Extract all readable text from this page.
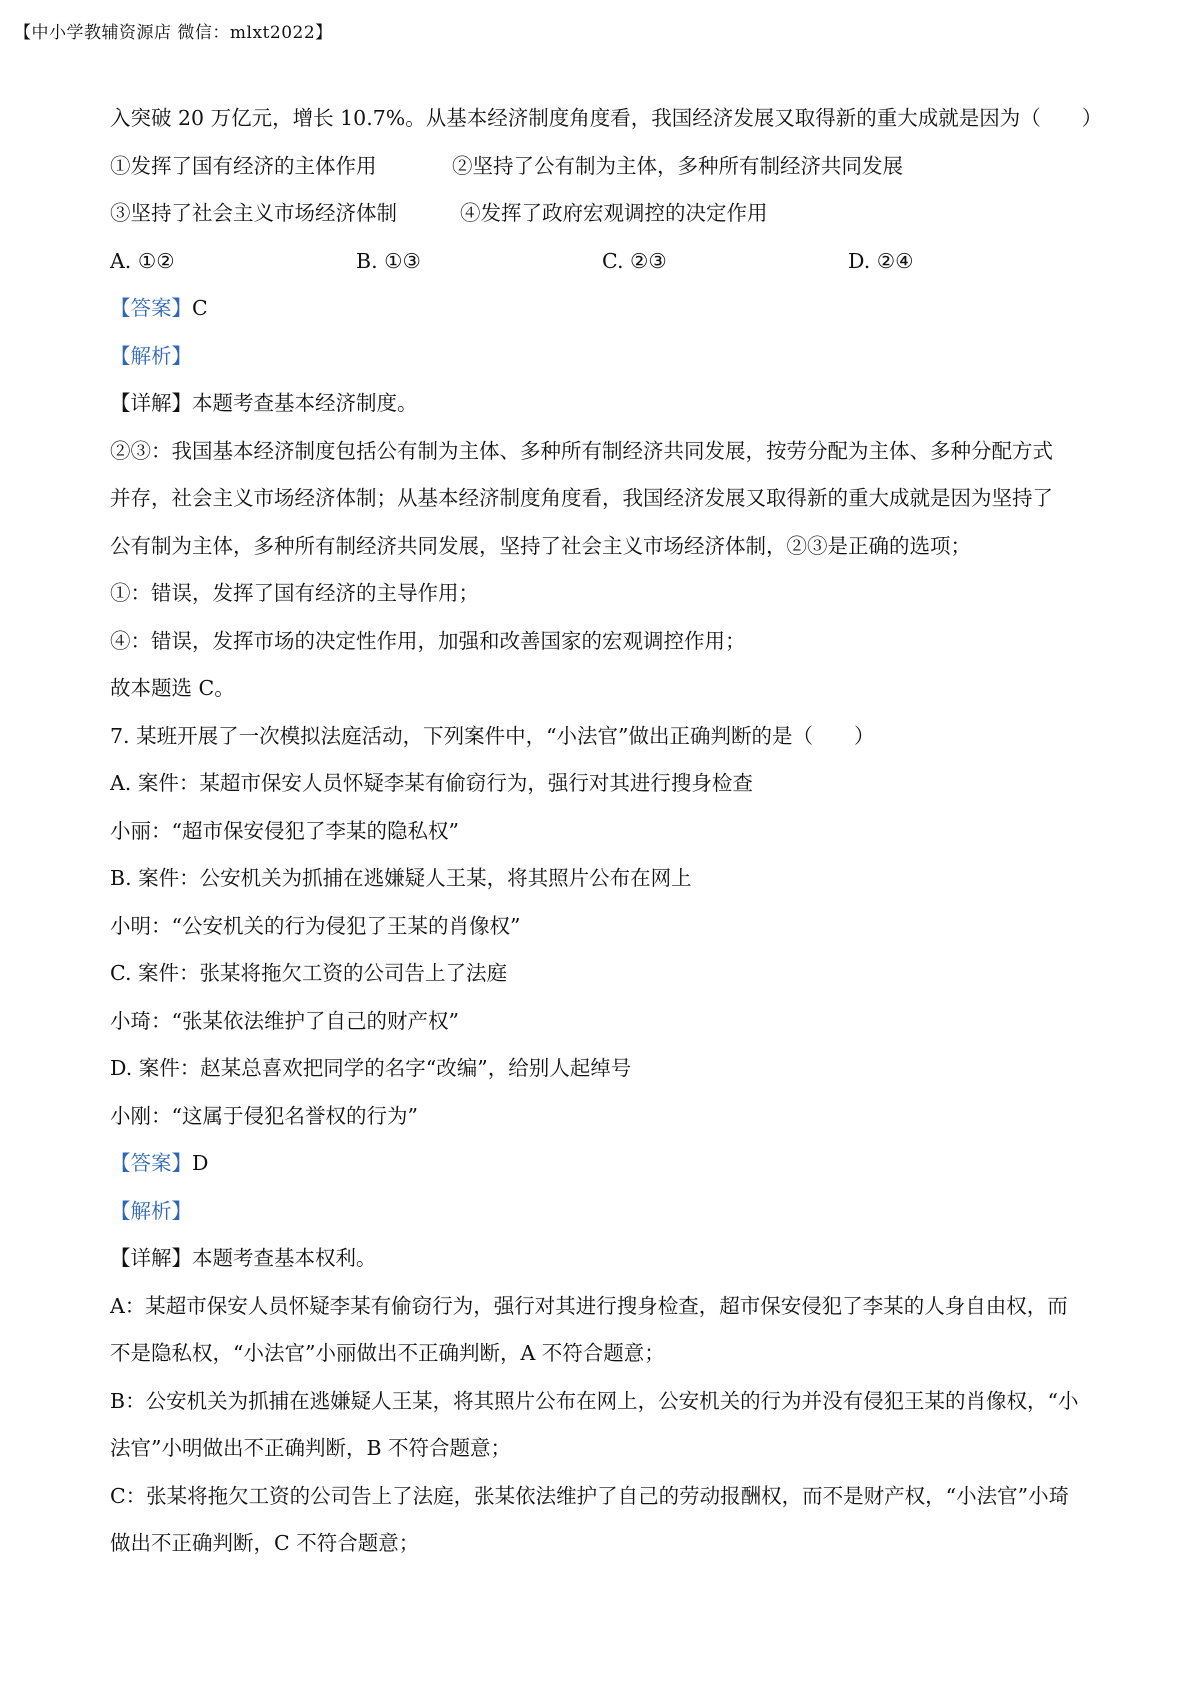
【中小学教辅资源店 微信：mlxt2022】
入突破 20 万亿元，增长 10.7%。从基本经济制度角度看，我国经济发展又取得新的重大成就是因为（　　）
①发挥了国有经济的主体作用	②坚持了公有制为主体，多种所有制经济共同发展
③坚持了社会主义市场经济体制	④发挥了政府宏观调控的决定作用
A. ①②	B. ①③	C. ②③	D. ②④
【答案】C
【解析】
【详解】本题考查基本经济制度。
②③：我国基本经济制度包括公有制为主体、多种所有制经济共同发展，按劳分配为主体、多种分配方式
并存，社会主义市场经济体制；从基本经济制度角度看，我国经济发展又取得新的重大成就是因为坚持了
公有制为主体，多种所有制经济共同发展，坚持了社会主义市场经济体制，②③是正确的选项；
①：错误，发挥了国有经济的主导作用；
④：错误，发挥市场的决定性作用，加强和改善国家的宏观调控作用；
故本题选 C。
7. 某班开展了一次模拟法庭活动，下列案件中，“小法官”做出正确判断的是（　　）
A. 案件：某超市保安人员怀疑李某有偷窃行为，强行对其进行搜身检查
小丽：“超市保安侵犯了李某的隐私权”
B. 案件：公安机关为抓捕在逃嫌疑人王某，将其照片公布在网上
小明：“公安机关的行为侵犯了王某的肖像权”
C. 案件：张某将拖欠工资的公司告上了法庭
小琦：“张某依法维护了自己的财产权”
D. 案件：赵某总喜欢把同学的名字“改编”，给别人起绰号
小刚：“这属于侵犯名誉权的行为”
【答案】D
【解析】
【详解】本题考查基本权利。
A：某超市保安人员怀疑李某有偷窃行为，强行对其进行搜身检查，超市保安侵犯了李某的人身自由权，而
不是隐私权，“小法官”小丽做出不正确判断，A 不符合题意；
B：公安机关为抓捕在逃嫌疑人王某，将其照片公布在网上，公安机关的行为并没有侵犯王某的肖像权，“小
法官”小明做出不正确判断，B 不符合题意；
C：张某将拖欠工资的公司告上了法庭，张某依法维护了自己的劳动报酬权，而不是财产权，“小法官”小琦
做出不正确判断，C 不符合题意；
